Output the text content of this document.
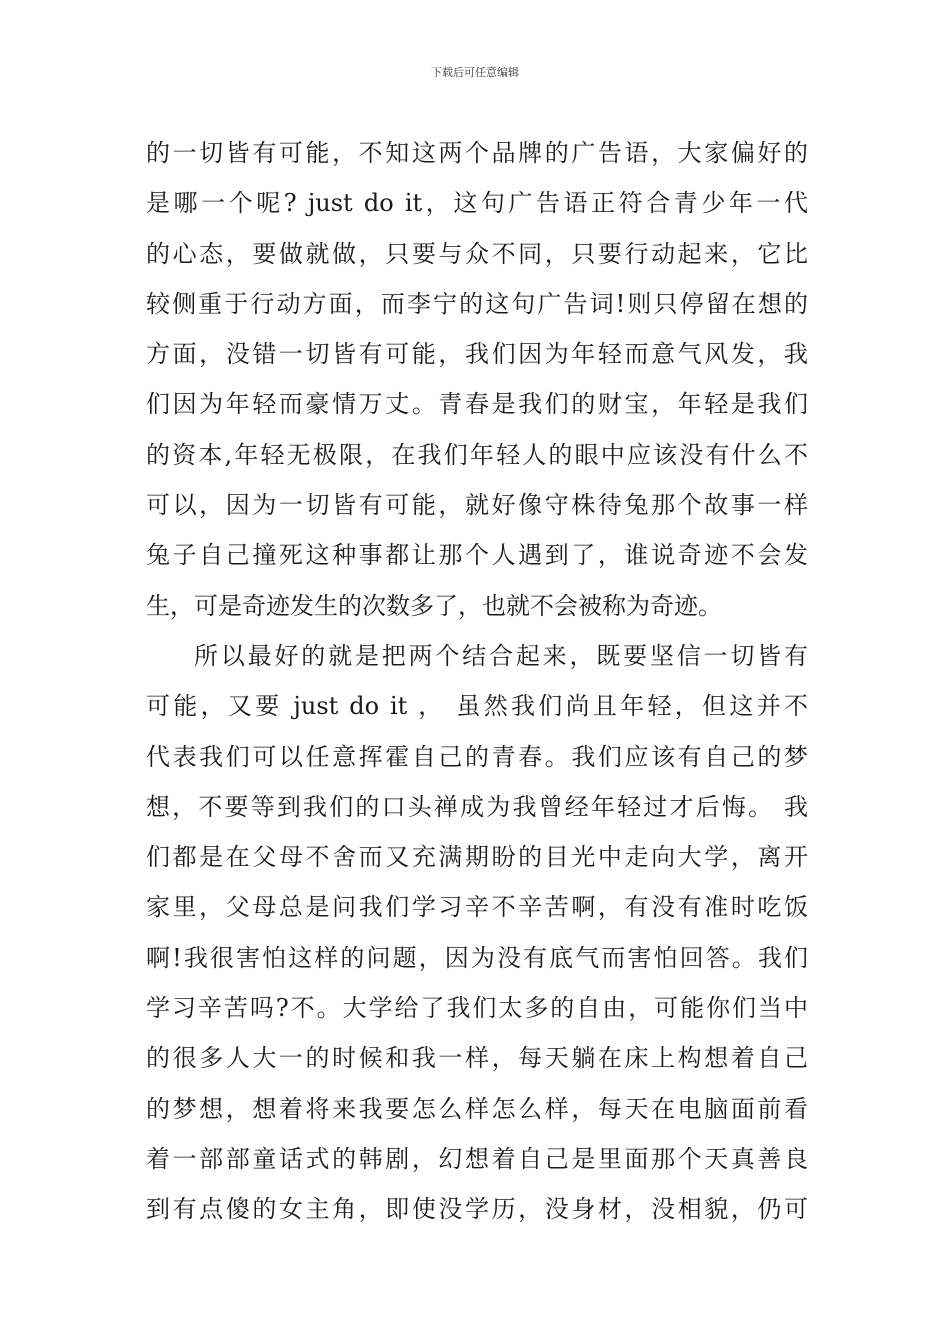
下载后可任意编辑
的一切皆有可能，不知这两个品牌的广告语，大家偏好的
是哪一个呢? just do it，这句广告语正符合青少年一代
的心态，要做就做，只要与众不同，只要行动起来，它比
较侧重于行动方面，而李宁的这句广告词!则只停留在想的
方面，没错一切皆有可能，我们因为年轻而意气风发，我
们因为年轻而豪情万丈。青春是我们的财宝，年轻是我们
的资本,年轻无极限，在我们年轻人的眼中应该没有什么不
可以，因为一切皆有可能，就好像守株待兔那个故事一样
兔子自己撞死这种事都让那个人遇到了，谁说奇迹不会发
生，可是奇迹发生的次数多了，也就不会被称为奇迹。
所以最好的就是把两个结合起来，既要坚信一切皆有
可能，又要 just do it ， 虽然我们尚且年轻，但这并不
代表我们可以任意挥霍自己的青春。我们应该有自己的梦
想，不要等到我们的口头禅成为我曾经年轻过才后悔。 我
们都是在父母不舍而又充满期盼的目光中走向大学，离开
家里，父母总是问我们学习辛不辛苦啊，有没有准时吃饭
啊!我很害怕这样的问题，因为没有底气而害怕回答。我们
学习辛苦吗?不。大学给了我们太多的自由，可能你们当中
的很多人大一的时候和我一样，每天躺在床上构想着自己
的梦想，想着将来我要怎么样怎么样，每天在电脑面前看
着一部部童话式的韩剧，幻想着自己是里面那个天真善良
到有点傻的女主角，即使没学历，没身材，没相貌，仍可
